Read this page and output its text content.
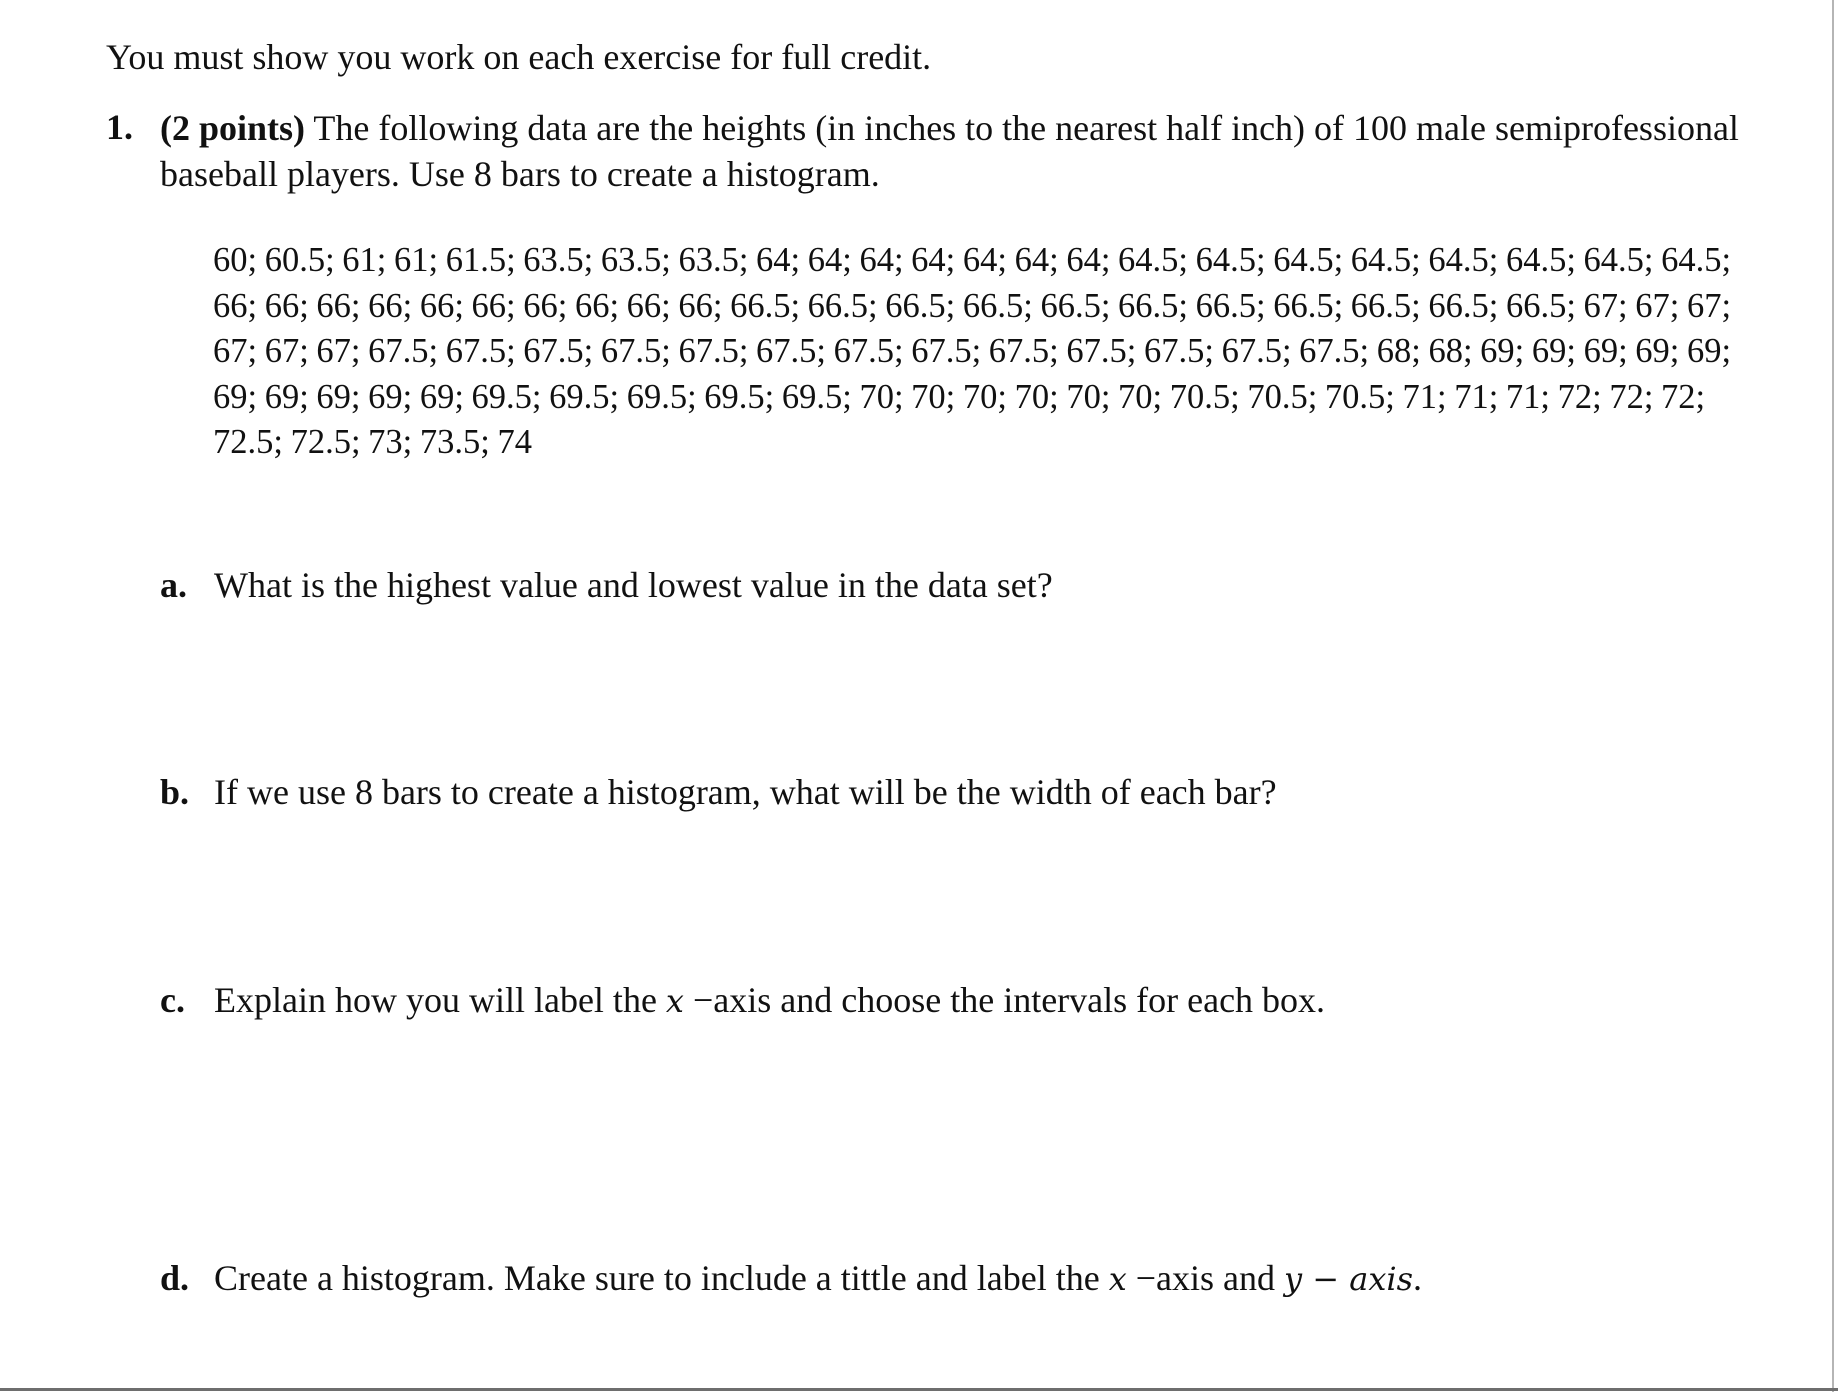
You must show you work on each exercise for full credit.
1. (2 points) The following data are the heights (in inches to the nearest half inch) of 100 male semiprofessional baseball players. Use 8 bars to create a histogram.
60; 60.5; 61; 61; 61.5; 63.5; 63.5; 63.5; 64; 64; 64; 64; 64; 64; 64; 64.5; 64.5; 64.5; 64.5; 64.5; 64.5; 64.5; 64.5; 66; 66; 66; 66; 66; 66; 66; 66; 66; 66; 66.5; 66.5; 66.5; 66.5; 66.5; 66.5; 66.5; 66.5; 66.5; 66.5; 66.5; 67; 67; 67; 67; 67; 67; 67.5; 67.5; 67.5; 67.5; 67.5; 67.5; 67.5; 67.5; 67.5; 67.5; 67.5; 67.5; 67.5; 68; 68; 69; 69; 69; 69; 69; 69; 69; 69; 69; 69; 69.5; 69.5; 69.5; 69.5; 69.5; 70; 70; 70; 70; 70; 70; 70.5; 70.5; 70.5; 71; 71; 71; 72; 72; 72; 72.5; 72.5; 73; 73.5; 74
a. What is the highest value and lowest value in the data set?
b. If we use 8 bars to create a histogram, what will be the width of each bar?
c. Explain how you will label the x −axis and choose the intervals for each box.
d. Create a histogram. Make sure to include a tittle and label the x −axis and y − axis.
